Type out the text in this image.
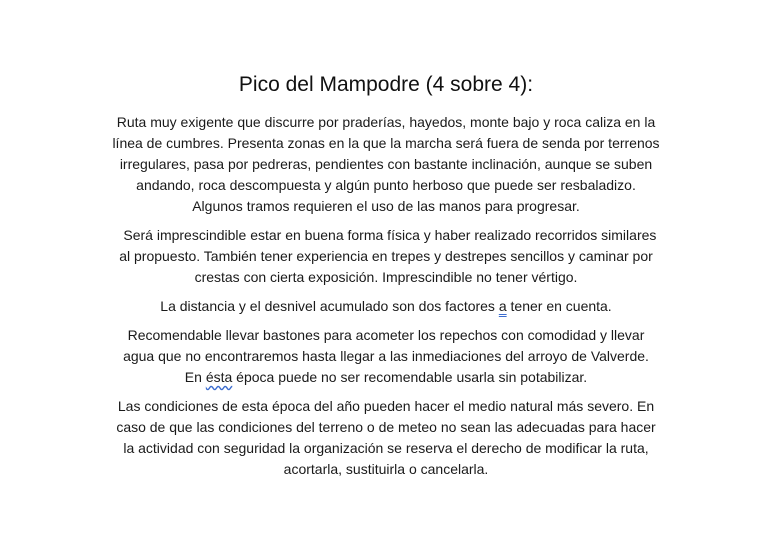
Pico del Mampodre (4 sobre 4):

Ruta muy exigente que discurre por praderías, hayedos, monte bajo y roca caliza en la
línea de cumbres. Presenta zonas en la que la marcha será fuera de senda por terrenos
irregulares, pasa por pedreras, pendientes con bastante inclinación, aunque se suben
andando, roca descompuesta y algún punto herboso que puede ser resbaladizo.
Algunos tramos requieren el uso de las manos para progresar.

Será imprescindible estar en buena forma física y haber realizado recorridos similares
al propuesto. También tener experiencia en trepes y destrepes sencillos y caminar por
crestas con cierta exposición. Imprescindible no tener vértigo.

La distancia y el desnivel acumulado son dos factores a tener en cuenta.

Recomendable llevar bastones para acometer los repechos con comodidad y llevar
agua que no encontraremos hasta llegar a las inmediaciones del arroyo de Valverde.
En ésta época puede no ser recomendable usarla sin potabilizar.

Las condiciones de esta época del año pueden hacer el medio natural más severo. En
caso de que las condiciones del terreno o de meteo no sean las adecuadas para hacer
la actividad con seguridad la organización se reserva el derecho de modificar la ruta,
acortarla, sustituirla o cancelarla.
